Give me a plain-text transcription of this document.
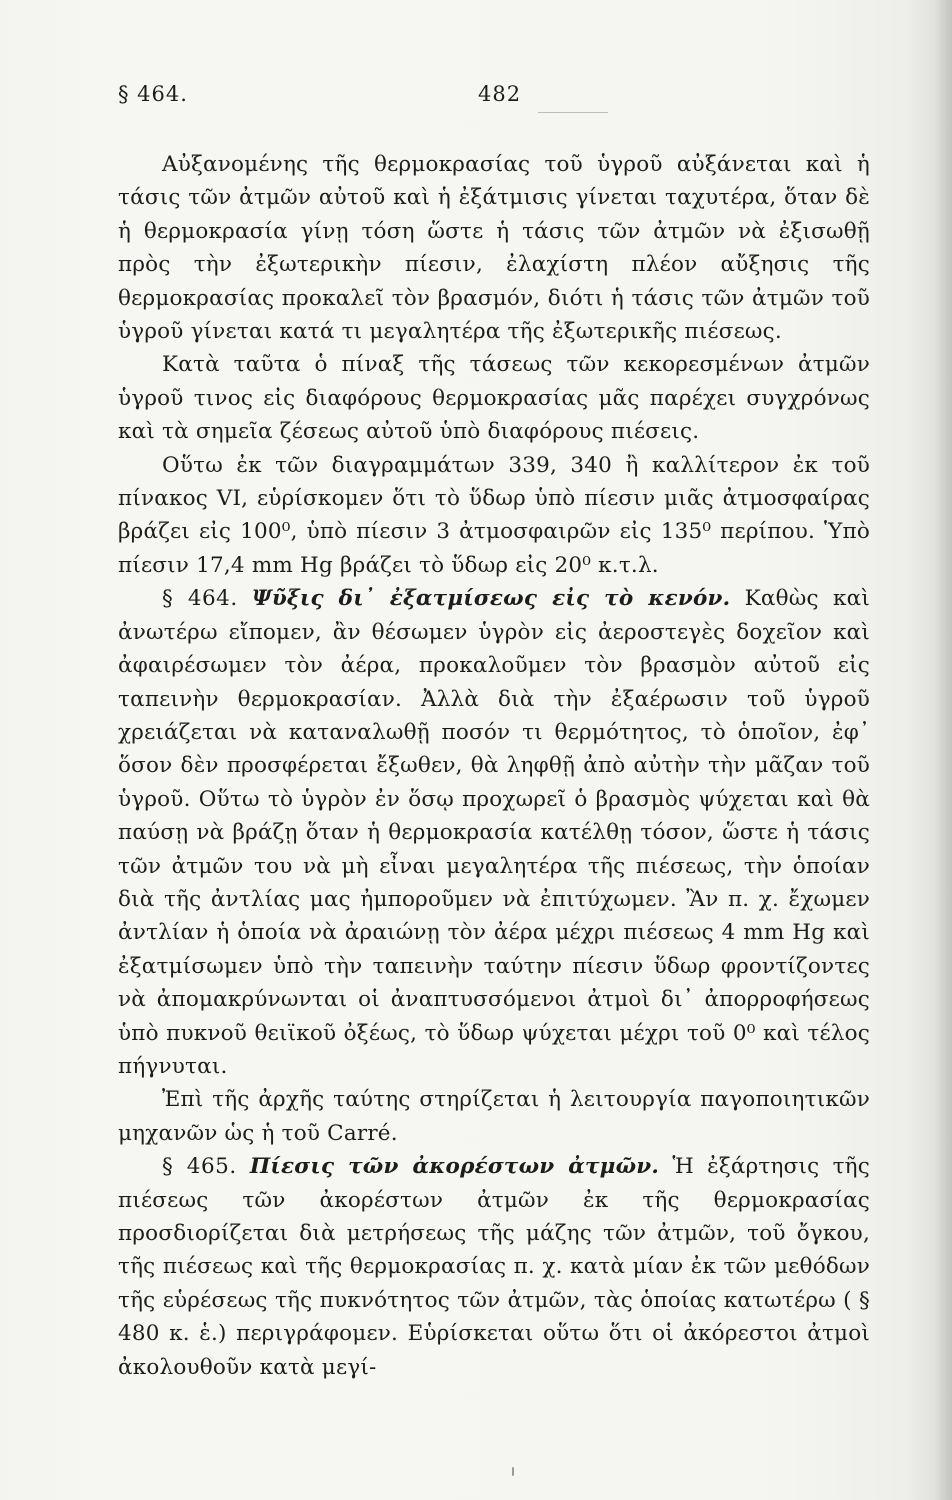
§ 464.	482

Αὐξανομένης τῆς θερμοκρασίας τοῦ ὑγροῦ αὐξάνεται καὶ ἡ τάσις τῶν ἀτμῶν αὐτοῦ καὶ ἡ ἐξάτμισις γίνεται ταχυτέρα, ὅταν δὲ ἡ θερμοκρασία γίνῃ τόση ὥστε ἡ τάσις τῶν ἀτμῶν νὰ ἐξισωθῇ πρὸς τὴν ἐξωτερικὴν πίεσιν, ἐλαχίστη πλέον αὔξησις τῆς θερμοκρασίας προκαλεῖ τὸν βρασμόν, διότι ἡ τάσις τῶν ἀτμῶν τοῦ ὑγροῦ γίνεται κατά τι μεγαλητέρα τῆς ἐξωτερικῆς πιέσεως.

Κατὰ ταῦτα ὁ πίναξ τῆς τάσεως τῶν κεκορεσμένων ἀτμῶν ὑγροῦ τινος εἰς διαφόρους θερμοκρασίας μᾶς παρέχει συγχρόνως καὶ τὰ σημεῖα ζέσεως αὐτοῦ ὑπὸ διαφόρους πιέσεις.

Οὕτω ἐκ τῶν διαγραμμάτων 339, 340 ἢ καλλίτερον ἐκ τοῦ πίνακος VI, εὑρίσκομεν ὅτι τὸ ὕδωρ ὑπὸ πίεσιν μιᾶς ἀτμοσφαίρας βράζει εἰς 100⁰, ὑπὸ πίεσιν 3 ἀτμοσφαιρῶν εἰς 135⁰ περίπου. Ὑπὸ πίεσιν 17,4 mm Hg βράζει τὸ ὕδωρ εἰς 20⁰ κ.τ.λ.

§ 464. Ψῦξις δι᾽ ἐξατμίσεως εἰς τὸ κενόν. Καθὼς καὶ ἀνωτέρω εἴπομεν, ἂν θέσωμεν ὑγρὸν εἰς ἀεροστεγὲς δοχεῖον καὶ ἀφαιρέσωμεν τὸν ἀέρα, προκαλοῦμεν τὸν βρασμὸν αὐτοῦ εἰς ταπεινὴν θερμοκρασίαν. Ἀλλὰ διὰ τὴν ἐξαέρωσιν τοῦ ὑγροῦ χρειάζεται νὰ καταναλωθῇ ποσόν τι θερμότητος, τὸ ὁποῖον, ἐφ᾽ ὅσον δὲν προσφέρεται ἔξωθεν, θὰ ληφθῇ ἀπὸ αὐτὴν τὴν μᾶζαν τοῦ ὑγροῦ. Οὕτω τὸ ὑγρὸν ἐν ὅσῳ προχωρεῖ ὁ βρασμὸς ψύχεται καὶ θὰ παύσῃ νὰ βράζῃ ὅταν ἡ θερμοκρασία κατέλθῃ τόσον, ὥστε ἡ τάσις τῶν ἀτμῶν του νὰ μὴ εἶναι μεγαλητέρα τῆς πιέσεως, τὴν ὁποίαν διὰ τῆς ἀντλίας μας ἠμποροῦμεν νὰ ἐπιτύχωμεν. Ἂν π. χ. ἔχωμεν ἀντλίαν ἡ ὁποία νὰ ἀραιώνῃ τὸν ἀέρα μέχρι πιέσεως 4 mm Hg καὶ ἐξατμίσωμεν ὑπὸ τὴν ταπεινὴν ταύτην πίεσιν ὕδωρ φροντίζοντες νὰ ἀπομακρύνωνται οἱ ἀναπτυσσόμενοι ἀτμοὶ δι᾽ ἀπορροφήσεως ὑπὸ πυκνοῦ θειϊκοῦ ὀξέως, τὸ ὕδωρ ψύχεται μέχρι τοῦ 0⁰ καὶ τέλος πήγνυται.

Ἐπὶ τῆς ἀρχῆς ταύτης στηρίζεται ἡ λειτουργία παγοποιητικῶν μηχανῶν ὡς ἡ τοῦ Carré.

§ 465. Πίεσις τῶν ἀκορέστων ἀτμῶν. Ἡ ἐξάρτησις τῆς πιέσεως τῶν ἀκορέστων ἀτμῶν ἐκ τῆς θερμοκρασίας προσδιορίζεται διὰ μετρήσεως τῆς μάζης τῶν ἀτμῶν, τοῦ ὄγκου, τῆς πιέσεως καὶ τῆς θερμοκρασίας π. χ. κατὰ μίαν ἐκ τῶν μεθόδων τῆς εὑρέσεως τῆς πυκνότητος τῶν ἀτμῶν, τὰς ὁποίας κατωτέρω ( § 480 κ. ἑ.) περιγράφομεν. Εὑρίσκεται οὕτω ὅτι οἱ ἀκόρεστοι ἀτμοὶ ἀκολουθοῦν κατὰ μεγί-
